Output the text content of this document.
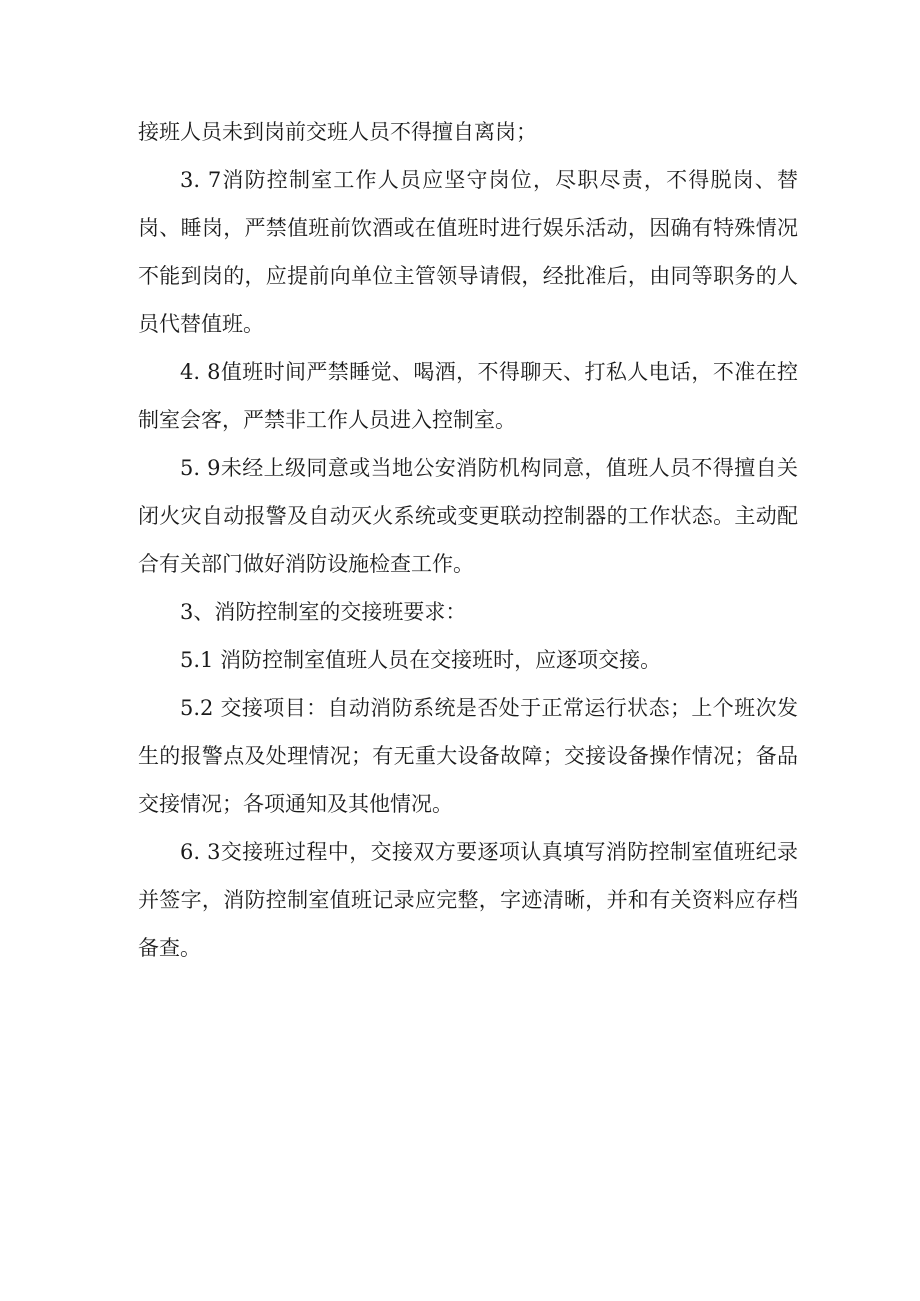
接班人员未到岗前交班人员不得擅自离岗；

3. 7消防控制室工作人员应坚守岗位，尽职尽责，不得脱岗、替岗、睡岗，严禁值班前饮酒或在值班时进行娱乐活动，因确有特殊情况不能到岗的，应提前向单位主管领导请假，经批准后，由同等职务的人员代替值班。

4. 8值班时间严禁睡觉、喝酒，不得聊天、打私人电话，不准在控制室会客，严禁非工作人员进入控制室。

5. 9未经上级同意或当地公安消防机构同意，值班人员不得擅自关闭火灾自动报警及自动灭火系统或变更联动控制器的工作状态。主动配合有关部门做好消防设施检查工作。

3、消防控制室的交接班要求：

5.1 消防控制室值班人员在交接班时，应逐项交接。

5.2 交接项目：自动消防系统是否处于正常运行状态；上个班次发生的报警点及处理情况；有无重大设备故障；交接设备操作情况；备品交接情况；各项通知及其他情况。

6. 3交接班过程中，交接双方要逐项认真填写消防控制室值班纪录并签字，消防控制室值班记录应完整，字迹清晰，并和有关资料应存档备查。
